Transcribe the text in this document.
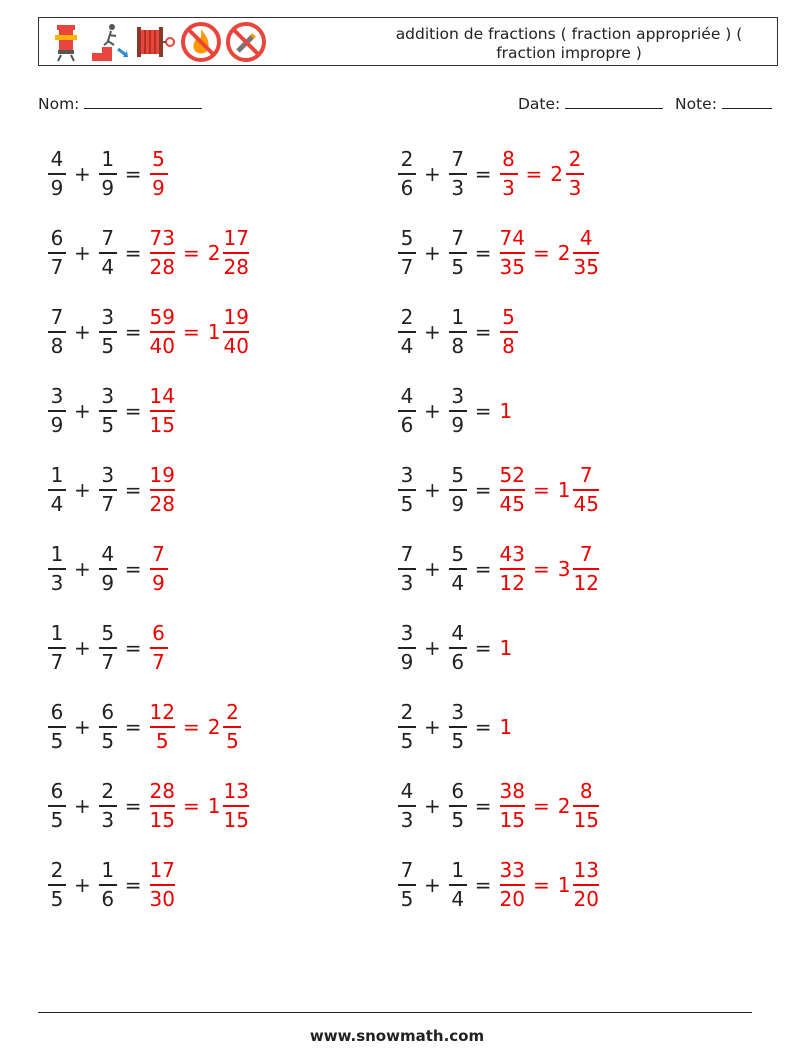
addition de fractions ( fraction appropriée ) ( fraction impropre )
Nom:	Date:	Note:
$\frac{4}{9} + \frac{1}{9} = \frac{5}{9}$	$\frac{2}{6} + \frac{7}{3} = \frac{8}{3} = 2 \frac{2}{3}$
$\frac{6}{7} + \frac{7}{4} = \frac{73}{28} = 2 \frac{17}{28}$	$\frac{5}{7} + \frac{7}{5} = \frac{74}{35} = 2 \frac{4}{35}$
$\frac{7}{8} + \frac{3}{5} = \frac{59}{40} = 1 \frac{19}{40}$	$\frac{2}{4} + \frac{1}{8} = \frac{5}{8}$
$\frac{3}{9} + \frac{3}{5} = \frac{14}{15}$	$\frac{4}{6} + \frac{3}{9} = 1$
$\frac{1}{4} + \frac{3}{7} = \frac{19}{28}$	$\frac{3}{5} + \frac{5}{9} = \frac{52}{45} = 1 \frac{7}{45}$
$\frac{1}{3} + \frac{4}{9} = \frac{7}{9}$	$\frac{7}{3} + \frac{5}{4} = \frac{43}{12} = 3 \frac{7}{12}$
$\frac{1}{7} + \frac{5}{7} = \frac{6}{7}$	$\frac{3}{9} + \frac{4}{6} = 1$
$\frac{6}{5} + \frac{6}{5} = \frac{12}{5} = 2 \frac{2}{5}$	$\frac{2}{5} + \frac{3}{5} = 1$
$\frac{6}{5} + \frac{2}{3} = \frac{28}{15} = 1 \frac{13}{15}$	$\frac{4}{3} + \frac{6}{5} = \frac{38}{15} = 2 \frac{8}{15}$
$\frac{2}{5} + \frac{1}{6} = \frac{17}{30}$	$\frac{7}{5} + \frac{1}{4} = \frac{33}{20} = 1 \frac{13}{20}$
www.snowmath.com
